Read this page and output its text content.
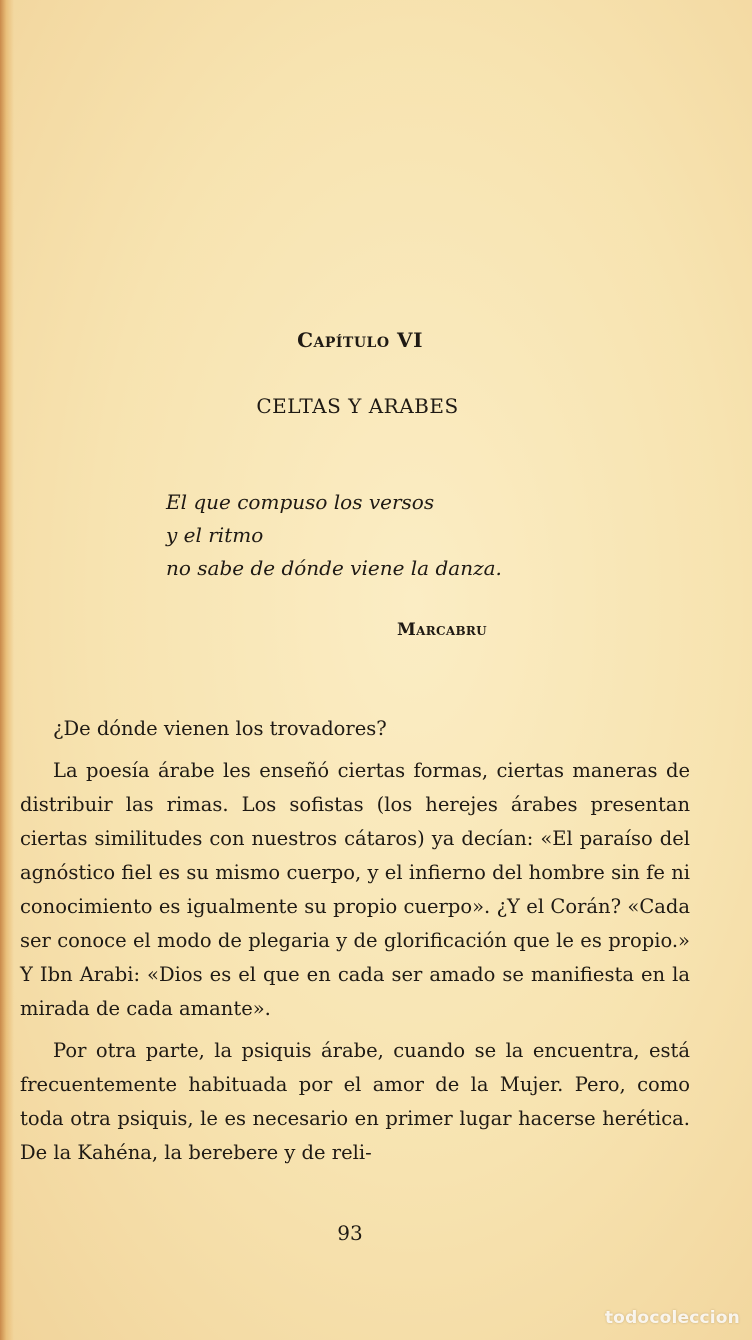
Capítulo VI
CELTAS Y ARABES
El que compuso los versos
y el ritmo
no sabe de dónde viene la danza.
Marcabru

¿De dónde vienen los trovadores?

La poesía árabe les enseñó ciertas formas, ciertas maneras de distribuir las rimas. Los sofistas (los herejes árabes presentan ciertas similitudes con nuestros cátaros) ya decían: «El paraíso del agnóstico fiel es su mismo cuerpo, y el infierno del hombre sin fe ni conocimiento es igualmente su propio cuerpo». ¿Y el Corán? «Cada ser conoce el modo de plegaria y de glorificación que le es propio.» Y Ibn Arabi: «Dios es el que en cada ser amado se manifiesta en la mirada de cada amante».

Por otra parte, la psiquis árabe, cuando se la encuentra, está frecuentemente habituada por el amor de la Mujer. Pero, como toda otra psiquis, le es necesario en primer lugar hacerse herética. De la Kahéna, la berebere y de reli-

93
todocoleccion
